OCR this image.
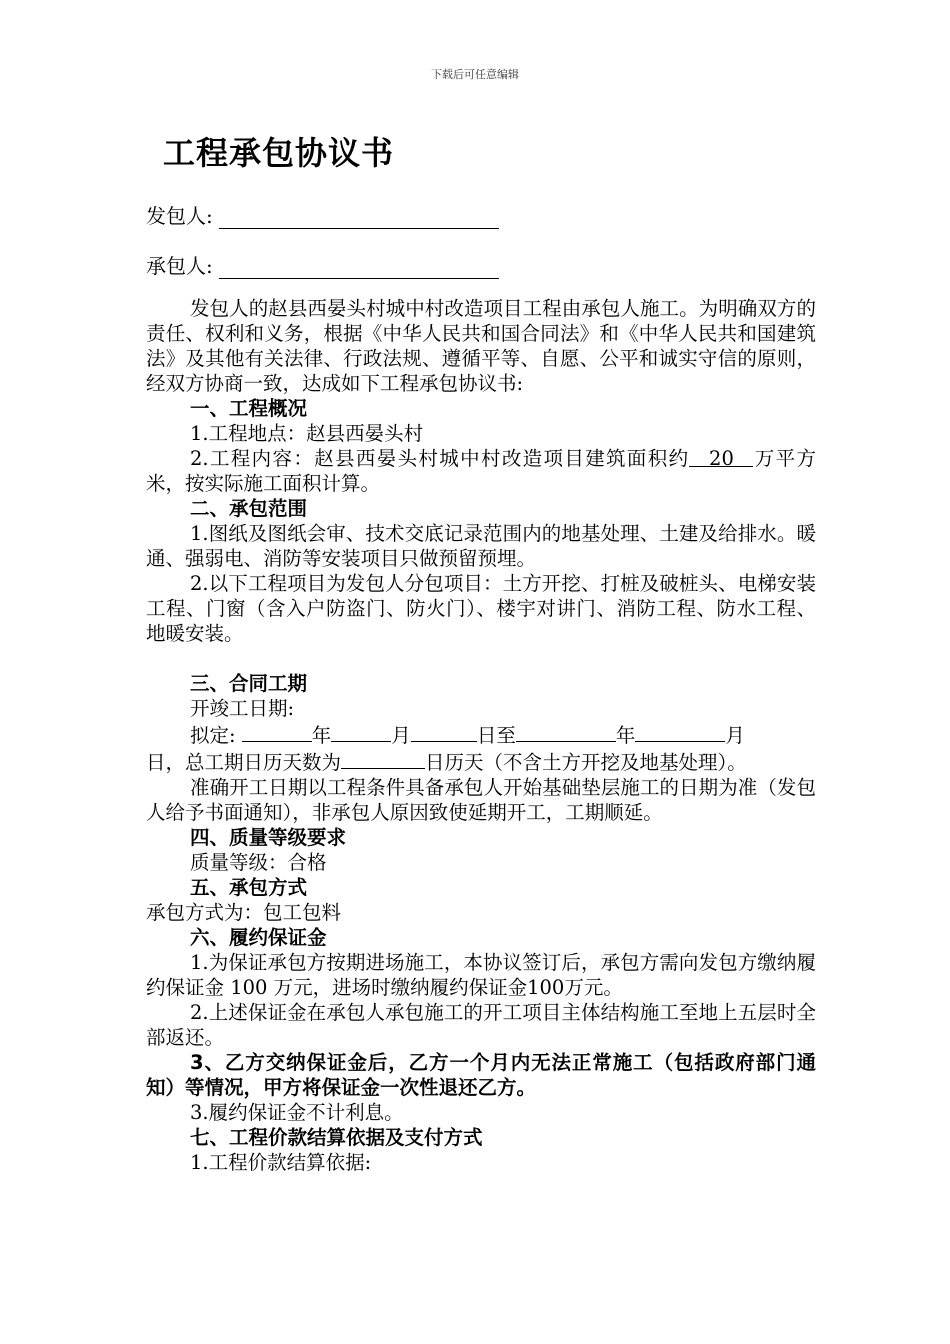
下载后可任意编辑
工程承包协议书
发包人:
承包人:

发包人的赵县西晏头村城中村改造项目工程由承包人施工。为明确双方的责任、权利和义务，根据《中华人民共和国合同法》和《中华人民共和国建筑法》及其他有关法律、行政法规、遵循平等、自愿、公平和诚实守信的原则，经双方协商一致，达成如下工程承包协议书:

一、工程概况

1.工程地点：赵县西晏头村

2.工程内容：赵县西晏头村城中村改造项目建筑面积约 20 万平方米，按实际施工面积计算。

二、承包范围

1.图纸及图纸会审、技术交底记录范围内的地基处理、土建及给排水。暖通、强弱电、消防等安装项目只做预留预埋。

2.以下工程项目为发包人分包项目：土方开挖、打桩及破桩头、电梯安装工程、门窗（含入户防盗门、防火门）、楼宇对讲门、消防工程、防水工程、地暖安装。

三、合同工期

开竣工日期:

拟定:	年	月	日至	年	月

日，总工期日历天数为	日历天（不含土方开挖及地基处理）。

准确开工日期以工程条件具备承包人开始基础垫层施工的日期为准（发包人给予书面通知），非承包人原因致使延期开工，工期顺延。

四、质量等级要求

质量等级：合格

五、承包方式

承包方式为：包工包料

六、履约保证金

1.为保证承包方按期进场施工，本协议签订后，承包方需向发包方缴纳履约保证金 100 万元，进场时缴纳履约保证金100万元。

2.上述保证金在承包人承包施工的开工项目主体结构施工至地上五层时全部返还。

3、乙方交纳保证金后，乙方一个月内无法正常施工（包括政府部门通知）等情况，甲方将保证金一次性退还乙方。

3.履约保证金不计利息。

七、工程价款结算依据及支付方式

1.工程价款结算依据:
